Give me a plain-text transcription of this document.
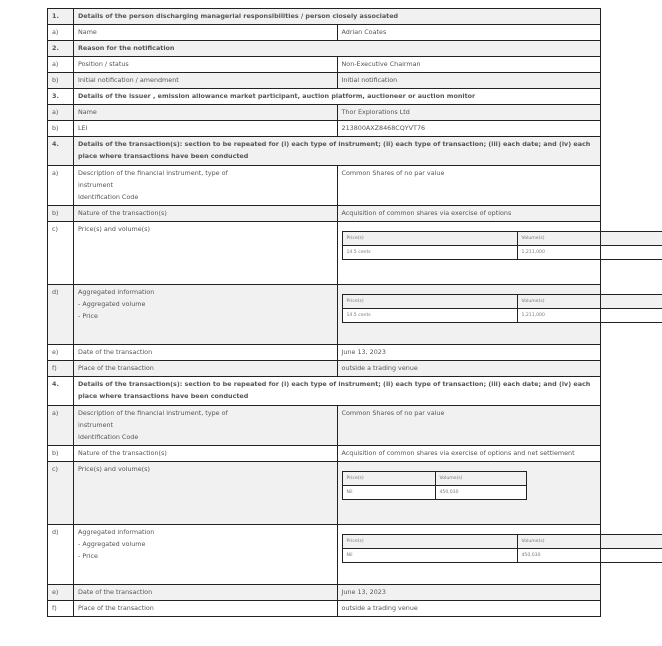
1.	Details of the person discharging managerial responsibilities / person closely associated
a)	Name	Adrian Coates
2.	Reason for the notification
a)	Position / status	Non-Executive Chairman
b)	Initial notification / amendment	Initial notification
3.	Details of the issuer , emission allowance market participant, auction platform, auctioneer or auction monitor
a)	Name	Thor Explorations Ltd
b)	LEI	213800AXZ8468CQYVT76
4.	Details of the transaction(s): section to be repeated for (i) each type of instrument; (ii) each type of transaction; (iii) each date; and (iv) each place where transactions have been conducted
a)	Description of the financial instrument, type of
instrument
Identification Code
	Common Shares of no par value
b)	Nature of the transaction(s)	Acquisition of common shares via exercise of options
c)	Price(s) and volume(s)	
Price(s)	Volume(s)
14.5 cents	1,211,000

d)	Aggregated information
- Aggregated volume
- Price

Price(s)	Volume(s)
14.5 cents	1,211,000

e)	Date of the transaction	June 13, 2023
f)	Place of the transaction	outside a trading venue
4.	Details of the transaction(s): section to be repeated for (i) each type of instrument; (ii) each type of transaction; (iii) each date; and (iv) each place where transactions have been conducted
a)	Description of the financial instrument, type of
instrument
Identification Code
	Common Shares of no par value
b)	Nature of the transaction(s)	Acquisition of common shares via exercise of options and net settlement
c)	Price(s) and volume(s)	
Price(s)	Volume(s)
Nil	450,030

d)	Aggregated information
- Aggregated volume
- Price

Price(s)	Volume(s)
Nil	450,030

e)	Date of the transaction	June 13, 2023
f)	Place of the transaction	outside a trading venue
